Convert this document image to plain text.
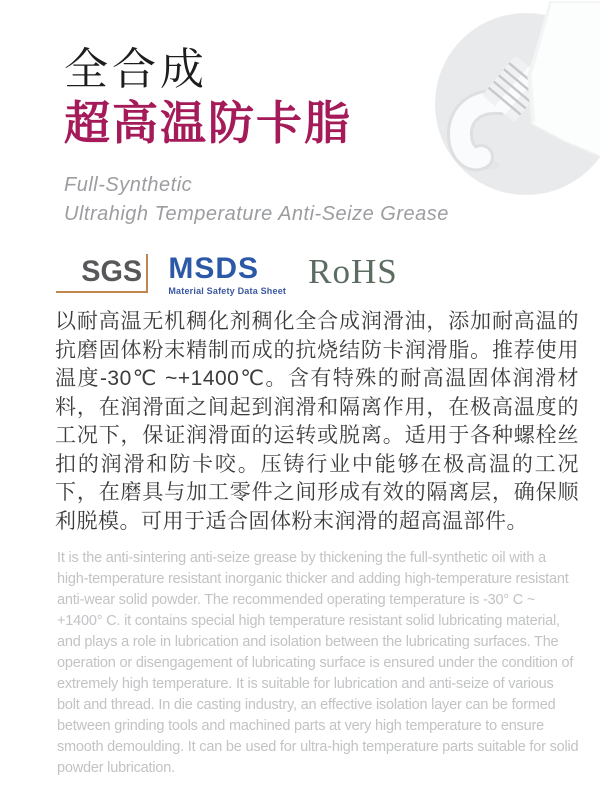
全合成
超高温防卡脂
Full-Synthetic
Ultrahigh Temperature Anti-Seize Grease
SGS MSDS
Material Safety Data Sheet RoHS

以耐高温无机稠化剂稠化全合成润滑油，添加耐高温的抗磨固体粉末精制而成的抗烧结防卡润滑脂。推荐使用温度-30℃ ~+1400℃。含有特殊的耐高温固体润滑材料，在润滑面之间起到润滑和隔离作用，在极高温度的工况下，保证润滑面的运转或脱离。适用于各种螺栓丝扣的润滑和防卡咬。压铸行业中能够在极高温的工况下，在磨具与加工零件之间形成有效的隔离层，确保顺利脱模。可用于适合固体粉末润滑的超高温部件。

It is the anti-sintering anti-seize grease by thickening the full-synthetic oil with a high-temperature resistant inorganic thicker and adding high-temperature resistant anti-wear solid powder. The recommended operating temperature is -30° C ~ +1400° C. it contains special high temperature resistant solid lubricating material, and plays a role in lubrication and isolation between the lubricating surfaces. The operation or disengagement of lubricating surface is ensured under the condition of extremely high temperature. It is suitable for lubrication and anti-seize of various bolt and thread. In die casting industry, an effective isolation layer can be formed between grinding tools and machined parts at very high temperature to ensure smooth demoulding. It can be used for ultra-high temperature parts suitable for solid powder lubrication.
